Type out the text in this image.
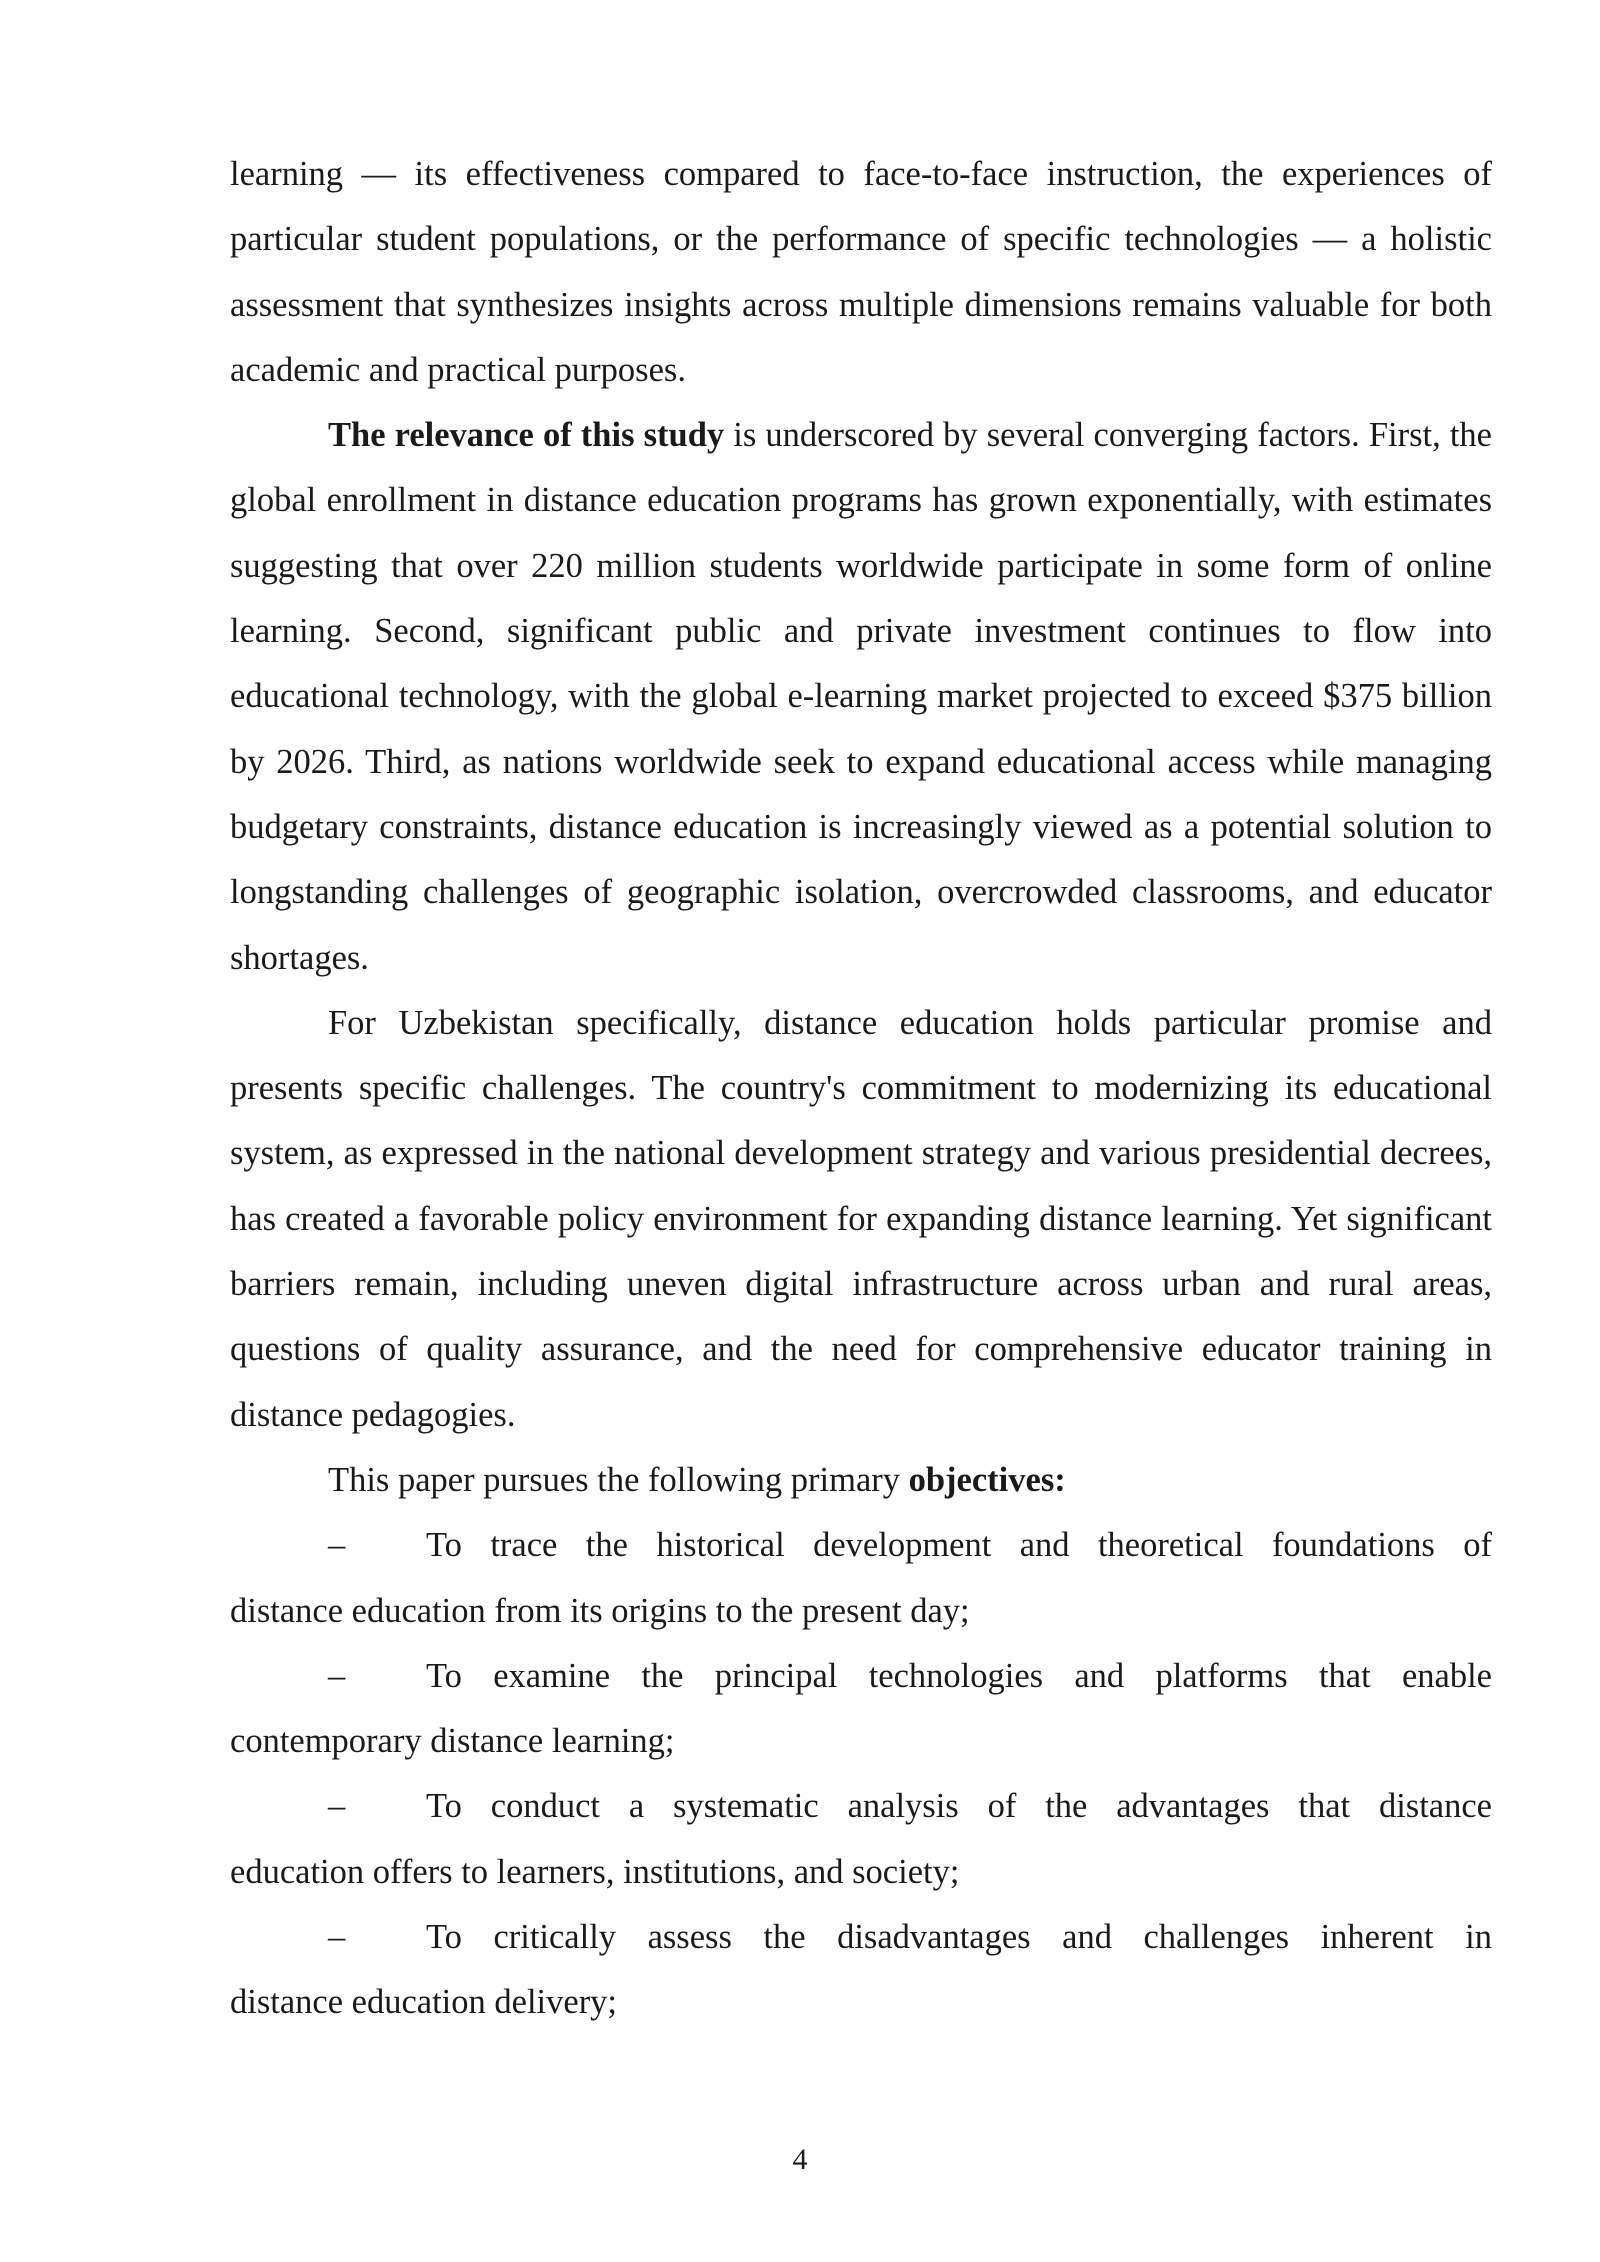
learning — its effectiveness compared to face-to-face instruction, the experiences of particular student populations, or the performance of specific technologies — a holistic assessment that synthesizes insights across multiple dimensions remains valuable for both academic and practical purposes.

The relevance of this study is underscored by several converging factors. First, the global enrollment in distance education programs has grown exponentially, with estimates suggesting that over 220 million students worldwide participate in some form of online learning. Second, significant public and private investment continues to flow into educational technology, with the global e-learning market projected to exceed $375 billion by 2026. Third, as nations worldwide seek to expand educational access while managing budgetary constraints, distance education is increasingly viewed as a potential solution to longstanding challenges of geographic isolation, overcrowded classrooms, and educator shortages.

For Uzbekistan specifically, distance education holds particular promise and presents specific challenges. The country's commitment to modernizing its educational system, as expressed in the national development strategy and various presidential decrees, has created a favorable policy environment for expanding distance learning. Yet significant barriers remain, including uneven digital infrastructure across urban and rural areas, questions of quality assurance, and the need for comprehensive educator training in distance pedagogies.

This paper pursues the following primary objectives:

–	To trace the historical development and theoretical foundations of

distance education from its origins to the present day;

–	To examine the principal technologies and platforms that enable

contemporary distance learning;

–	To conduct a systematic analysis of the advantages that distance

education offers to learners, institutions, and society;

–	To critically assess the disadvantages and challenges inherent in

distance education delivery;

4
